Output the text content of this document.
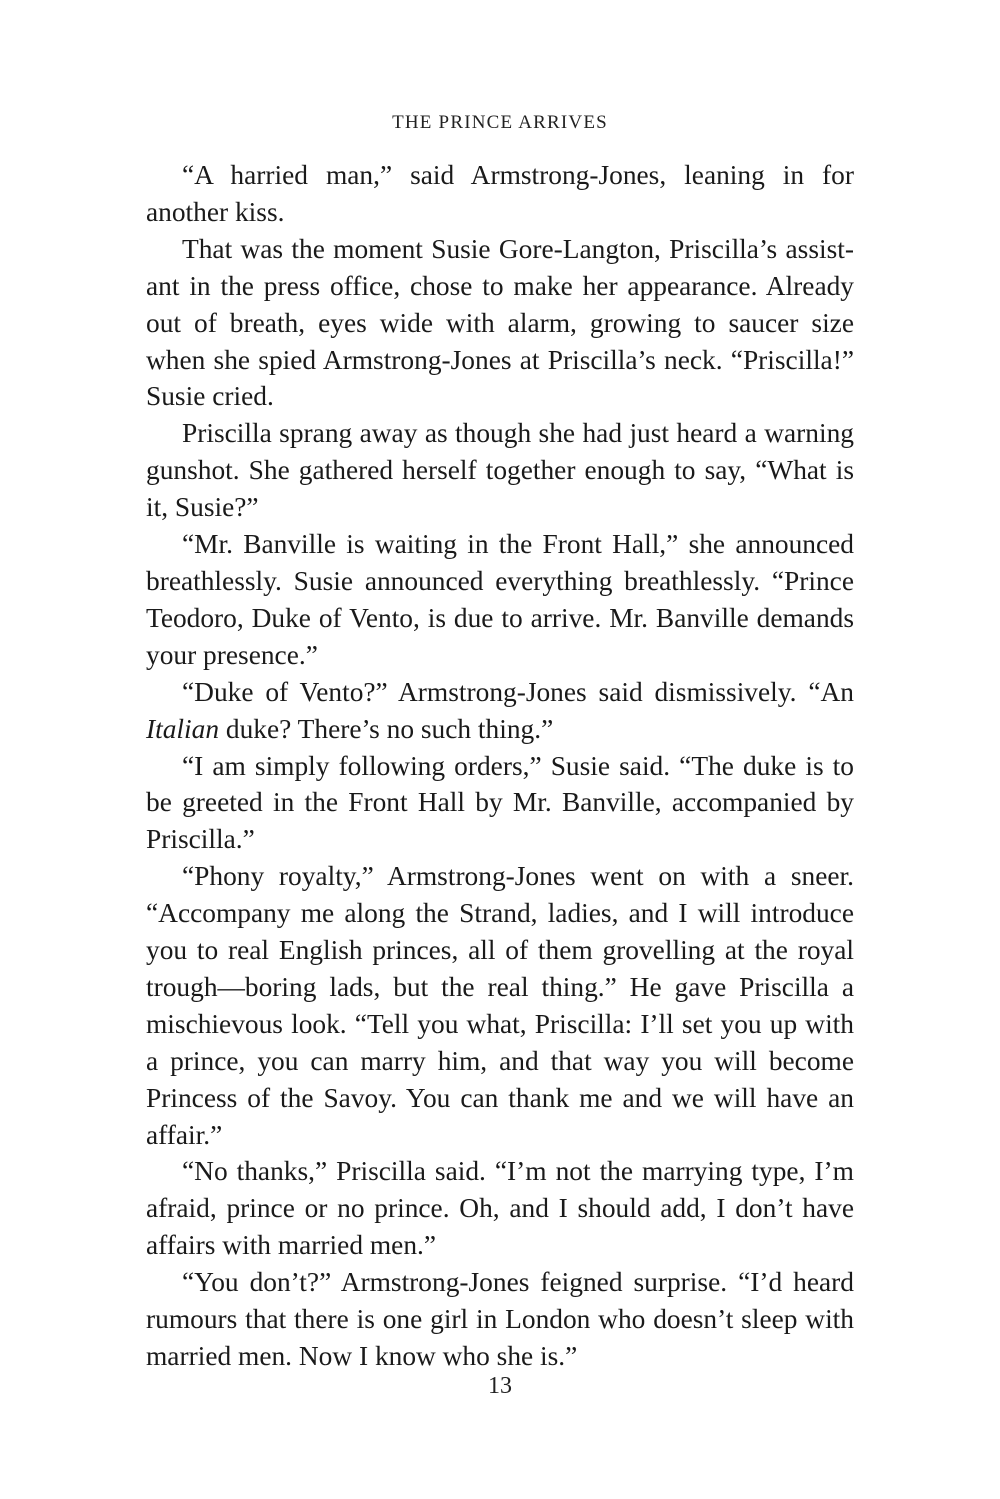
THE PRINCE ARRIVES

“A harried man,” said Armstrong-Jones, leaning in for another kiss.

That was the moment Susie Gore-Langton, Priscilla’s assistant in the press office, chose to make her appearance. Already out of breath, eyes wide with alarm, growing to saucer size when she spied Armstrong-Jones at Priscilla’s neck. “Priscilla!” Susie cried.

Priscilla sprang away as though she had just heard a warning gunshot. She gathered herself together enough to say, “What is it, Susie?”

“Mr. Banville is waiting in the Front Hall,” she announced breathlessly. Susie announced everything breathlessly. “Prince Teodoro, Duke of Vento, is due to arrive. Mr. Banville demands your presence.”

“Duke of Vento?” Armstrong-Jones said dismissively. “An Italian duke? There’s no such thing.”

“I am simply following orders,” Susie said. “The duke is to be greeted in the Front Hall by Mr. Banville, accompanied by Priscilla.”

“Phony royalty,” Armstrong-Jones went on with a sneer. “Accompany me along the Strand, ladies, and I will introduce you to real English princes, all of them grovelling at the royal trough—boring lads, but the real thing.” He gave Priscilla a mischievous look. “Tell you what, Priscilla: I’ll set you up with a prince, you can marry him, and that way you will become Princess of the Savoy. You can thank me and we will have an affair.”

“No thanks,” Priscilla said. “I’m not the marrying type, I’m afraid, prince or no prince. Oh, and I should add, I don’t have affairs with married men.”

“You don’t?” Armstrong-Jones feigned surprise. “I’d heard rumours that there is one girl in London who doesn’t sleep with married men. Now I know who she is.”

13
